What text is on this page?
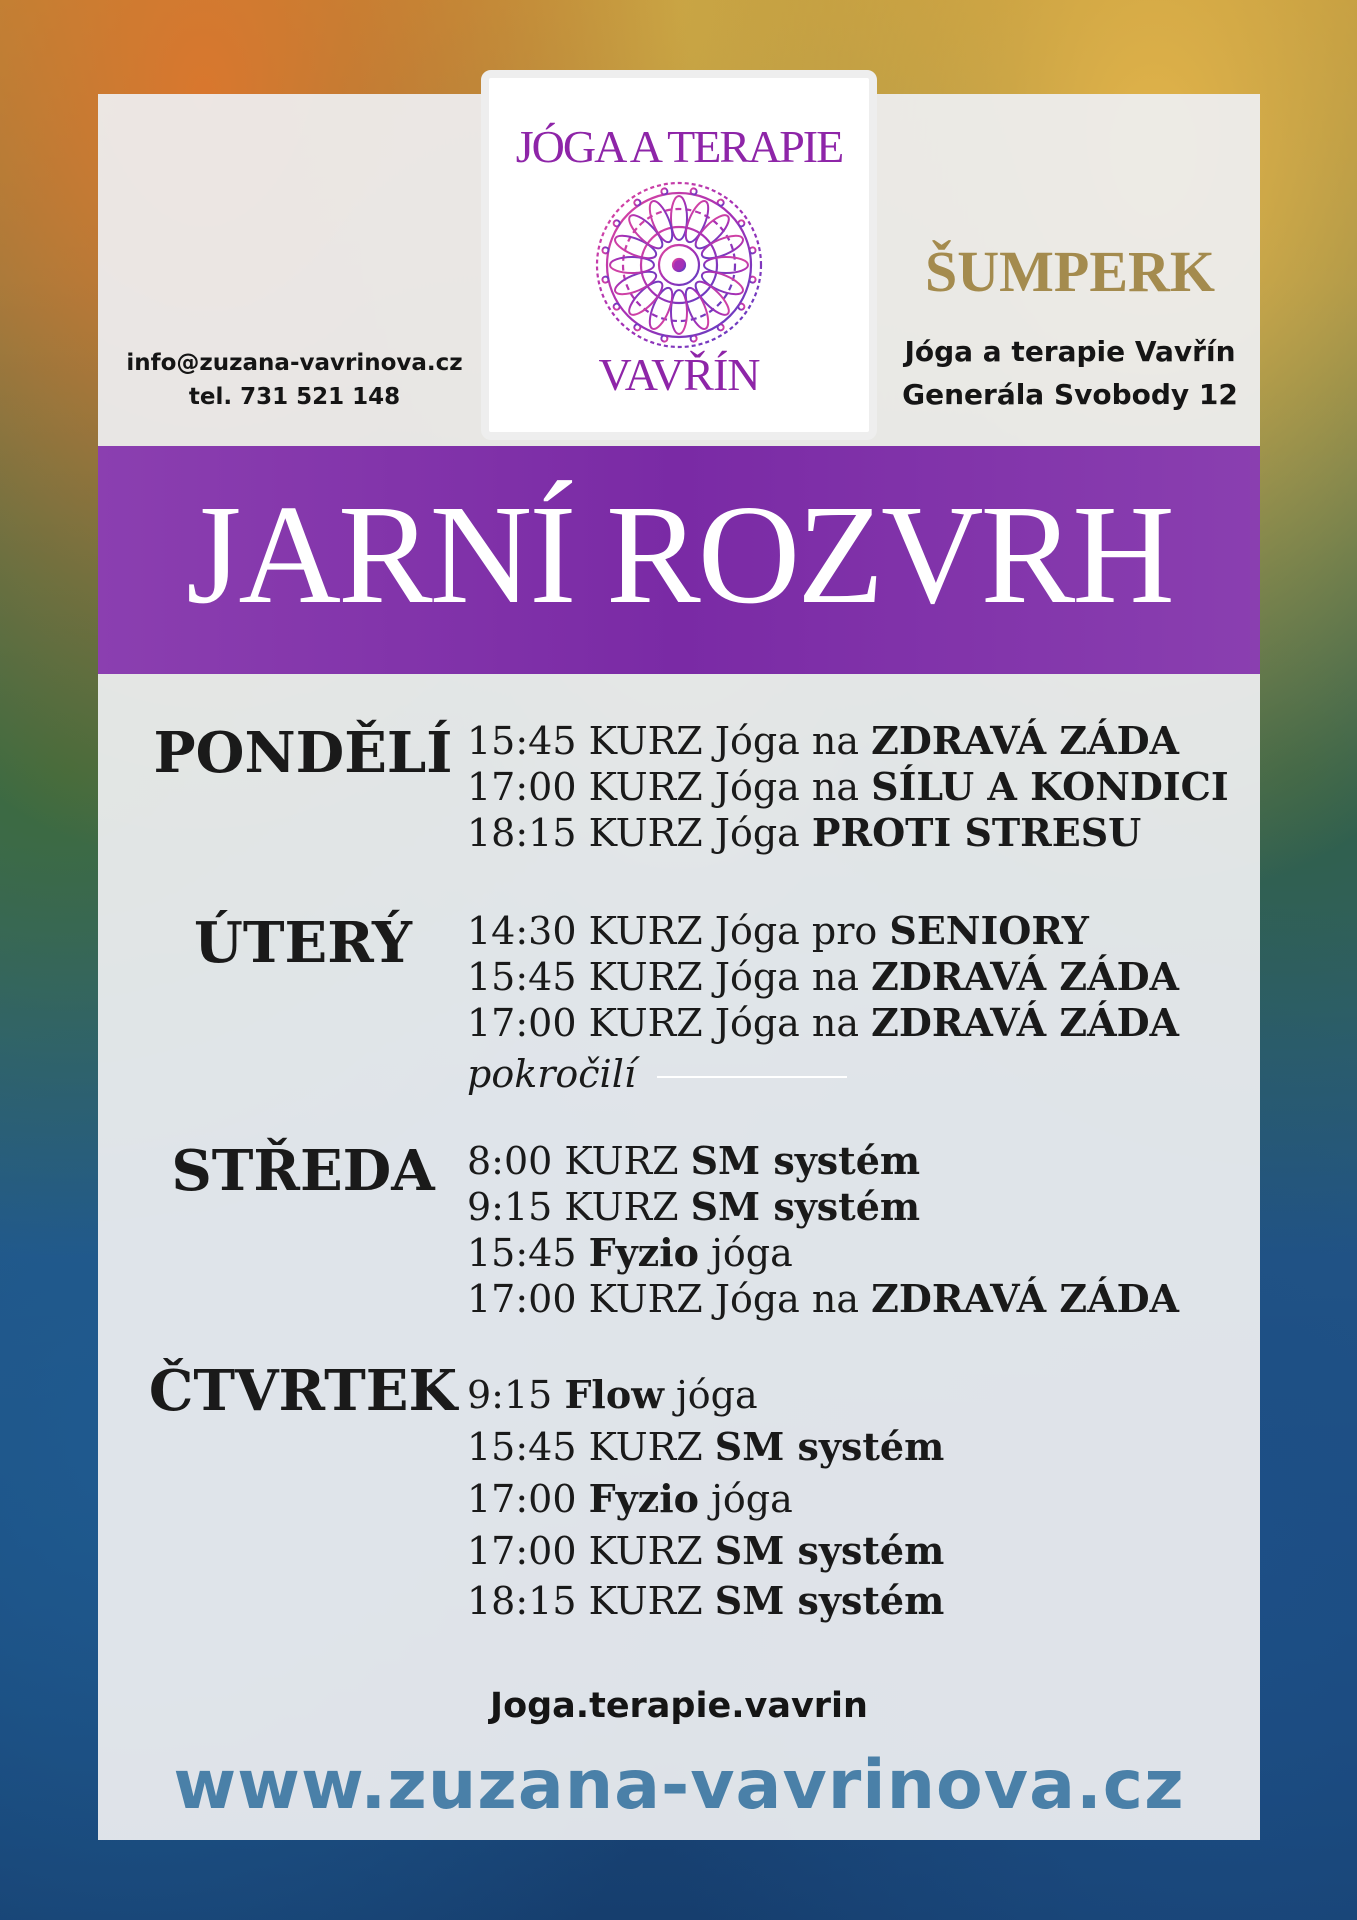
JÓGA A TERAPIE
VAVŘÍN
info@zuzana-vavrinova.cz
tel. 731 521 148
ŠUMPERK
Jóga a terapie Vavřín
Generála Svobody 12
JARNÍ ROZVRH
PONDĚLÍ 15:45 KURZ Jóga na ZDRAVÁ ZÁDA
17:00 KURZ Jóga na SÍLU A KONDICI
18:15 KURZ Jóga PROTI STRESU
ÚTERÝ	14:30 KURZ Jóga pro SENIORY
15:45 KURZ Jóga na ZDRAVÁ ZÁDA
17:00 KURZ Jóga na ZDRAVÁ ZÁDA
pokročilí
STŘEDA 8:00 KURZ SM systém
9:15 KURZ SM systém
15:45 Fyzio jóga
17:00 KURZ Jóga na ZDRAVÁ ZÁDA
ČTVRTEK 9:15 Flow jóga
15:45 KURZ SM systém
17:00 Fyzio jóga
17:00 KURZ SM systém
18:15 KURZ SM systém
Joga.terapie.vavrin
www.zuzana-vavrinova.cz
